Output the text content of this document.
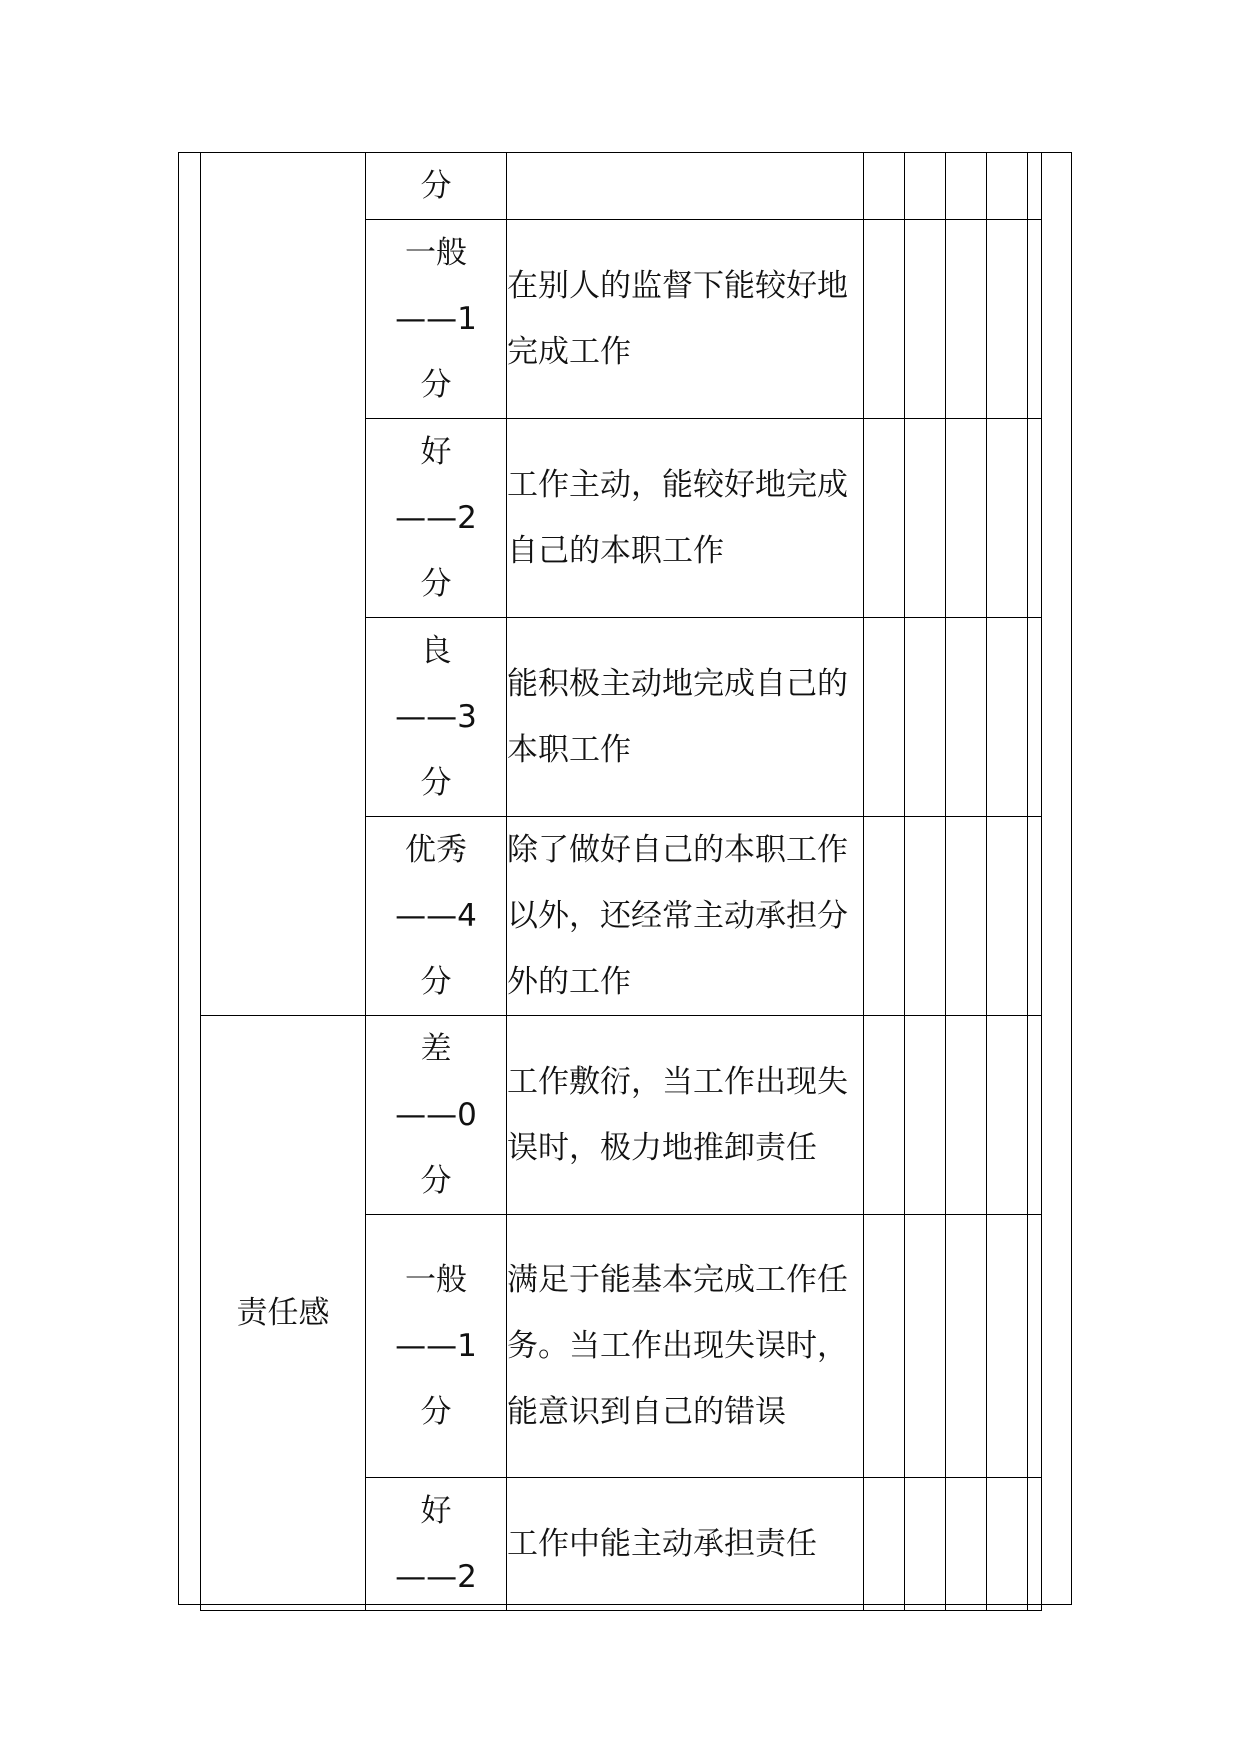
	分						

	一般
——1
分	在别人的监督下能较好地完成工作					

	好
——2
分	工作主动，能较好地完成自己的本职工作					

	良
——3
分	能积极主动地完成自己的本职工作					

	优秀
——4
分	除了做好自己的本职工作以外，还经常主动承担分外的工作					
责任感	差
——0
分	工作敷衍，当工作出现失误时，极力地推卸责任					

	一般
——1
分	满足于能基本完成工作任务。当工作出现失误时，能意识到自己的错误					

	好
——2	工作中能主动承担责任					
